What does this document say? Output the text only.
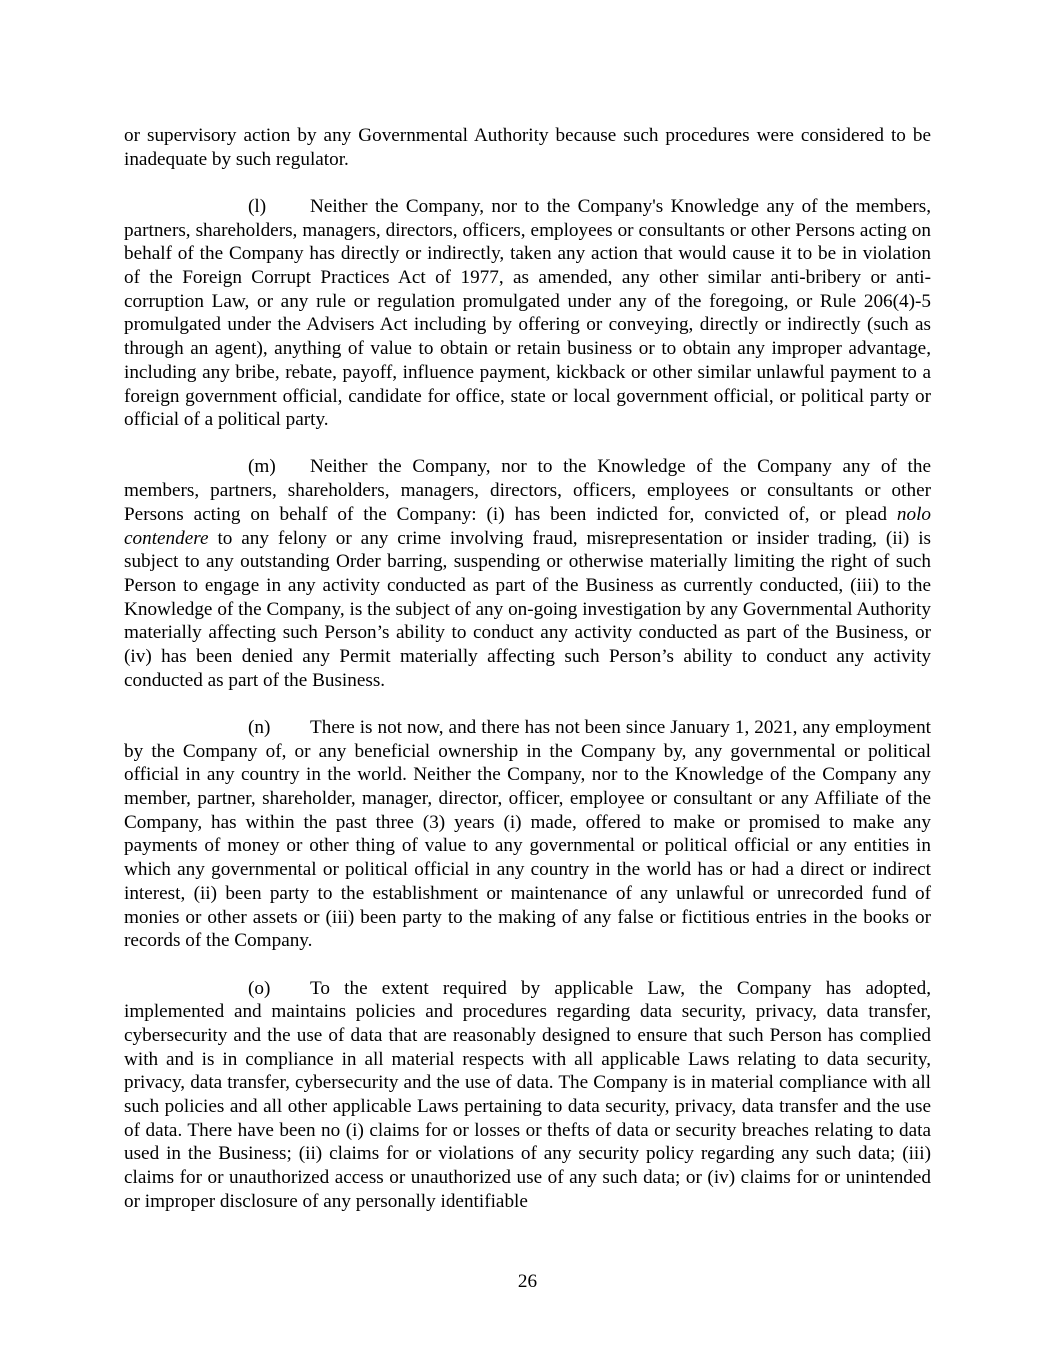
or supervisory action by any Governmental Authority because such procedures were considered to be inadequate by such regulator.

(l) Neither the Company, nor to the Company's Knowledge any of the members, partners, shareholders, managers, directors, officers, employees or consultants or other Persons acting on behalf of the Company has directly or indirectly, taken any action that would cause it to be in violation of the Foreign Corrupt Practices Act of 1977, as amended, any other similar anti-bribery or anti-corruption Law, or any rule or regulation promulgated under any of the foregoing, or Rule 206(4)-5 promulgated under the Advisers Act including by offering or conveying, directly or indirectly (such as through an agent), anything of value to obtain or retain business or to obtain any improper advantage, including any bribe, rebate, payoff, influence payment, kickback or other similar unlawful payment to a foreign government official, candidate for office, state or local government official, or political party or official of a political party.

(m) Neither the Company, nor to the Knowledge of the Company any of the members, partners, shareholders, managers, directors, officers, employees or consultants or other Persons acting on behalf of the Company: (i) has been indicted for, convicted of, or plead nolo contendere to any felony or any crime involving fraud, misrepresentation or insider trading, (ii) is subject to any outstanding Order barring, suspending or otherwise materially limiting the right of such Person to engage in any activity conducted as part of the Business as currently conducted, (iii) to the Knowledge of the Company, is the subject of any on-going investigation by any Governmental Authority materially affecting such Person’s ability to conduct any activity conducted as part of the Business, or (iv) has been denied any Permit materially affecting such Person’s ability to conduct any activity conducted as part of the Business.

(n) There is not now, and there has not been since January 1, 2021, any employment by the Company of, or any beneficial ownership in the Company by, any governmental or political official in any country in the world. Neither the Company, nor to the Knowledge of the Company any member, partner, shareholder, manager, director, officer, employee or consultant or any Affiliate of the Company, has within the past three (3) years (i) made, offered to make or promised to make any payments of money or other thing of value to any governmental or political official or any entities in which any governmental or political official in any country in the world has or had a direct or indirect interest, (ii) been party to the establishment or maintenance of any unlawful or unrecorded fund of monies or other assets or (iii) been party to the making of any false or fictitious entries in the books or records of the Company.

(o) To the extent required by applicable Law, the Company has adopted, implemented and maintains policies and procedures regarding data security, privacy, data transfer, cybersecurity and the use of data that are reasonably designed to ensure that such Person has complied with and is in compliance in all material respects with all applicable Laws relating to data security, privacy, data transfer, cybersecurity and the use of data. The Company is in material compliance with all such policies and all other applicable Laws pertaining to data security, privacy, data transfer and the use of data. There have been no (i) claims for or losses or thefts of data or security breaches relating to data used in the Business; (ii) claims for or violations of any security policy regarding any such data; (iii) claims for or unauthorized access or unauthorized use of any such data; or (iv) claims for or unintended or improper disclosure of any personally identifiable

26
